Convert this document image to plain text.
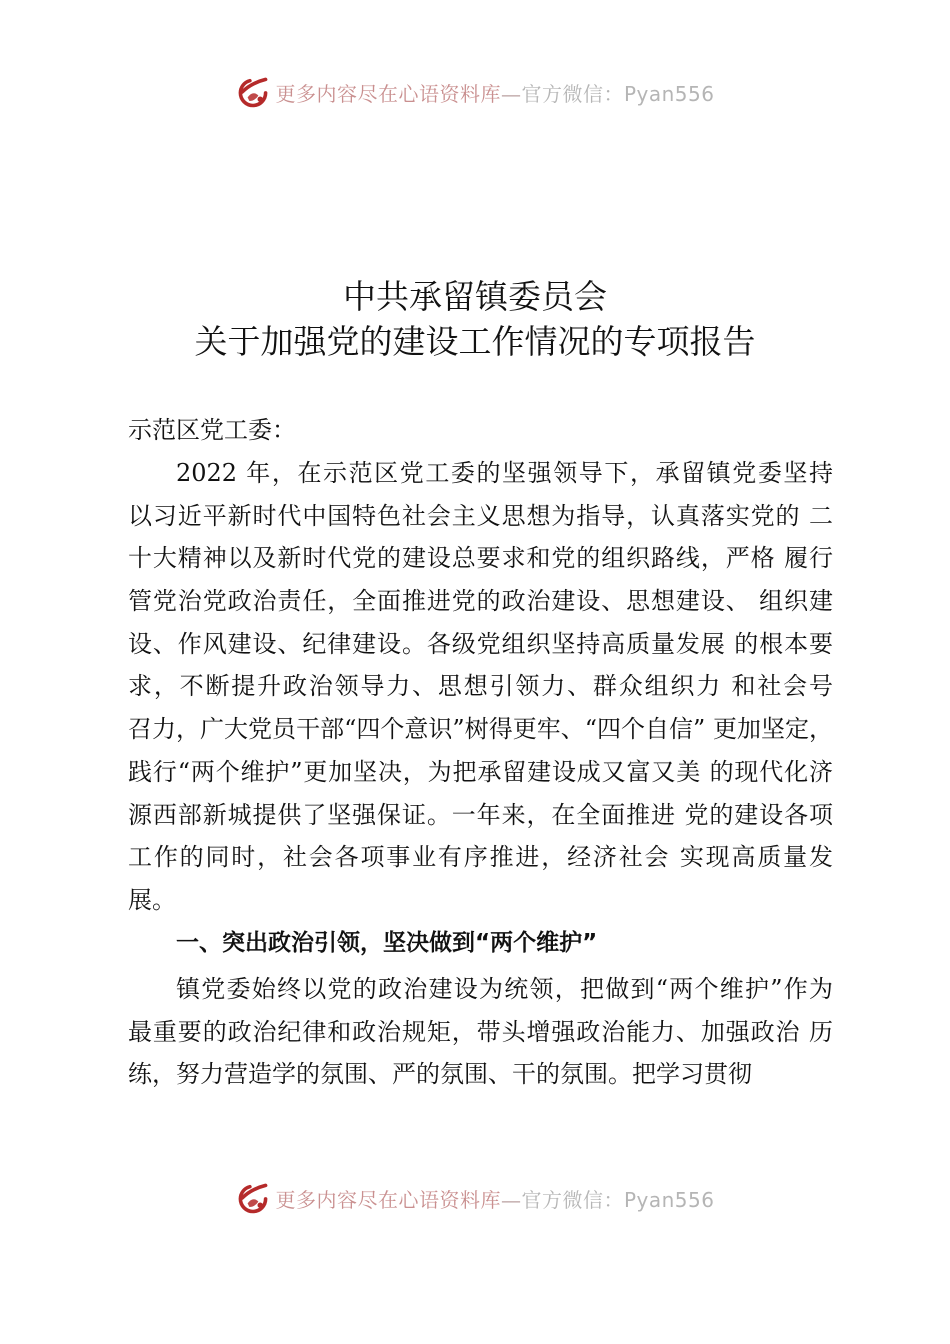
更多内容尽在心语资料库—官方微信：Pyan556
中共承留镇委员会
关于加强党的建设工作情况的专项报告
示范区党工委：
2022 年，在示范区党工委的坚强领导下，承留镇党委坚持
以习近平新时代中国特色社会主义思想为指导，认真落实党的 二
十大精神以及新时代党的建设总要求和党的组织路线，严格 履行
管党治党政治责任，全面推进党的政治建设、思想建设、 组织建
设、作风建设、纪律建设。各级党组织坚持高质量发展 的根本要
求，不断提升政治领导力、思想引领力、群众组织力 和社会号
召力，广大党员干部“四个意识”树得更牢、“四个自信” 更加坚定，
践行“两个维护”更加坚决，为把承留建设成又富又美 的现代化济
源西部新城提供了坚强保证。一年来，在全面推进 党的建设各项
工作的同时，社会各项事业有序推进，经济社会 实现高质量发
展。
一、突出政治引领，坚决做到“两个维护”
镇党委始终以党的政治建设为统领，把做到“两个维护”作为
最重要的政治纪律和政治规矩，带头增强政治能力、加强政治 历
练，努力营造学的氛围、严的氛围、干的氛围。把学习贯彻
更多内容尽在心语资料库—官方微信：Pyan556
